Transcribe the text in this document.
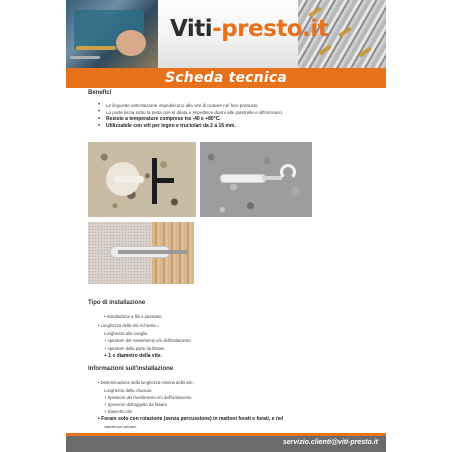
Viti-presto.it
Scheda tecnica
Benefici
• Le linguette antirotazione impediscono alla vite di ruotare nel foro praticato.
• La parte liscia sotto la testa non si dilata e impedisce danni alle piastrelle e all'intonaco.
• Resiste a temperature comprese tra -40 e +80°C.
• Utilizzabile con viti per legno e truciolari da 2 a 16 mm.
Tipo di installazione
• Installazione a filo e passante
• Lunghezza della vite richiesta =
Lunghezza alla caviglia
+ spessore del rivestimento e/o dell'isolamento
+ spessore della parte da fissare
+ 1 x diametro della vite.
Informazioni sull'installazione
• Determinazione della lunghezza minima della vite:
Lunghezza della chiusura
+ Spessore del rivestimento e/o dell'isolamento
+ Spessore dell'oggetto da fissare
+ Diametro vite
• Forare solo con rotazione (senza percussione) in mattoni forati e forati, e nel
calcestruzzo cellulare.
servizio.clienti@viti-presto.it
